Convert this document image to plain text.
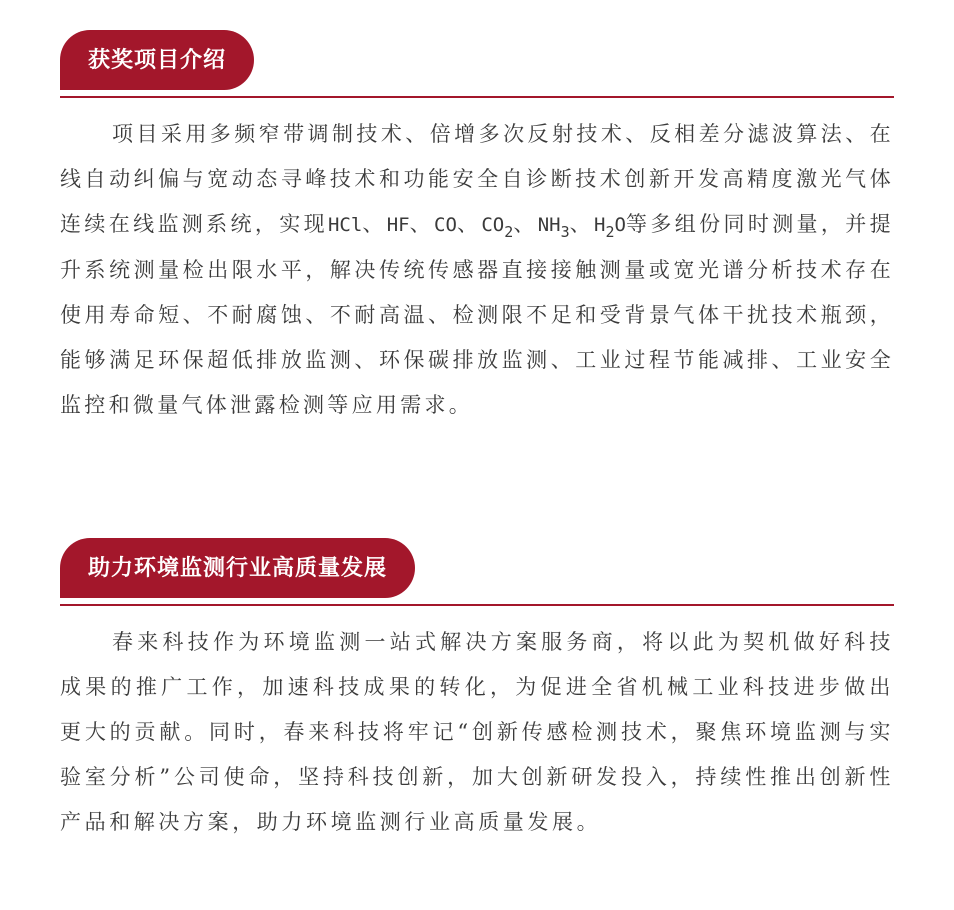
获奖项目介绍

项目采用多频窄带调制技术、倍增多次反射技术、反相差分滤波算法、在线自动纠偏与宽动态寻峰技术和功能安全自诊断技术创新开发高精度激光气体连续在线监测系统，实现HCl、HF、CO、$CO_2$、$NH_3$、$H_2O$等多组份同时测量，并提升系统测量检出限水平，解决传统传感器直接接触测量或宽光谱分析技术存在使用寿命短、不耐腐蚀、不耐高温、检测限不足和受背景气体干扰技术瓶颈，能够满足环保超低排放监测、环保碳排放监测、工业过程节能减排、工业安全监控和微量气体泄露检测等应用需求。

助力环境监测行业高质量发展

春来科技作为环境监测一站式解决方案服务商，将以此为契机做好科技成果的推广工作，加速科技成果的转化，为促进全省机械工业科技进步做出更大的贡献。同时，春来科技将牢记“创新传感检测技术，聚焦环境监测与实验室分析”公司使命，坚持科技创新，加大创新研发投入，持续性推出创新性产品和解决方案，助力环境监测行业高质量发展。
